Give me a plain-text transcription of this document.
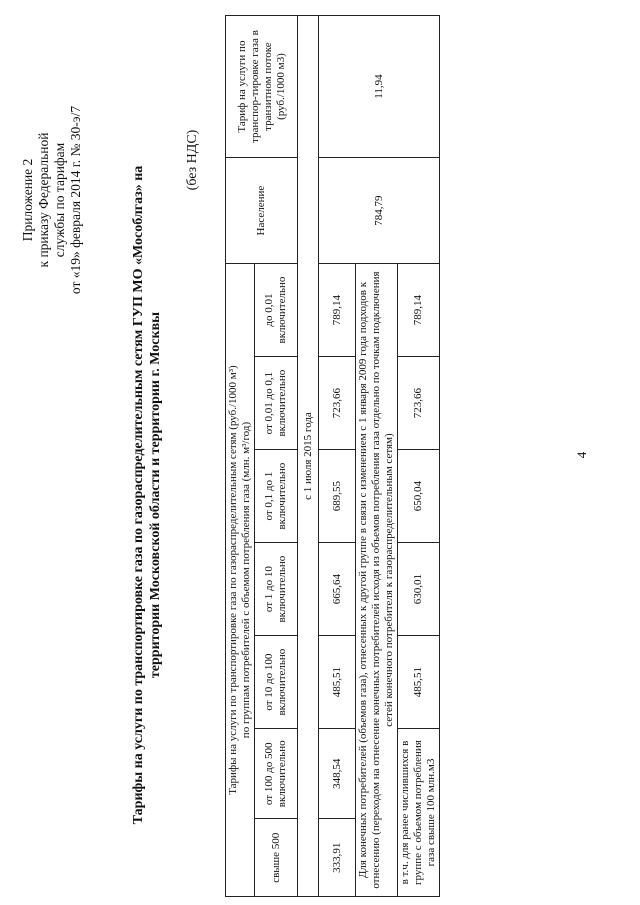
Приложение 2 к приказу Федеральной службы по тарифам от «19» февраля 2014 г. № 30-э/7	Тарифы на услуги по транспортировке газа по газораспределительным сетям ГУП МО «Мособлгаз» на территории Московской области и территории г. Москвы
(без НДС)
Тарифы на услуги по транспортировке газа по газораспределительным сетям (руб./1000 м³) по группам потребителей с объемом потребления газа (млн. м³/год)							Население	Тариф на услуги по транспор-тировке газа в транзитном потоке (руб./1000 м3)
свыше 500	от 100 до 500 включительно	от 10 до 100 включительно	от 1 до 10 включительно	от 0,1 до 1 включительно	от 0,01 до 0,1 включительно	до 0,01 включительно		
с 1 июля 2015 года								
333,91	348,54	485,51	665,64	689,55	723,66	789,14	784,79	11,94
Для конечных потребителей (объемов газа), отнесенных к другой группе в связи с изменением с 1 января 2009 года подходов к отнесению (переходом на отнесение конечных потребителей исходя из объемов потребления газа отдельно по точкам подключения сетей конечного потребителя к газораспределительным сетям)								
в т.ч. для ранее числившихся в группе с объемом потребления газа свыше 100 млн.м3		485,51	630,01	650,04	723,66	789,14		
4
